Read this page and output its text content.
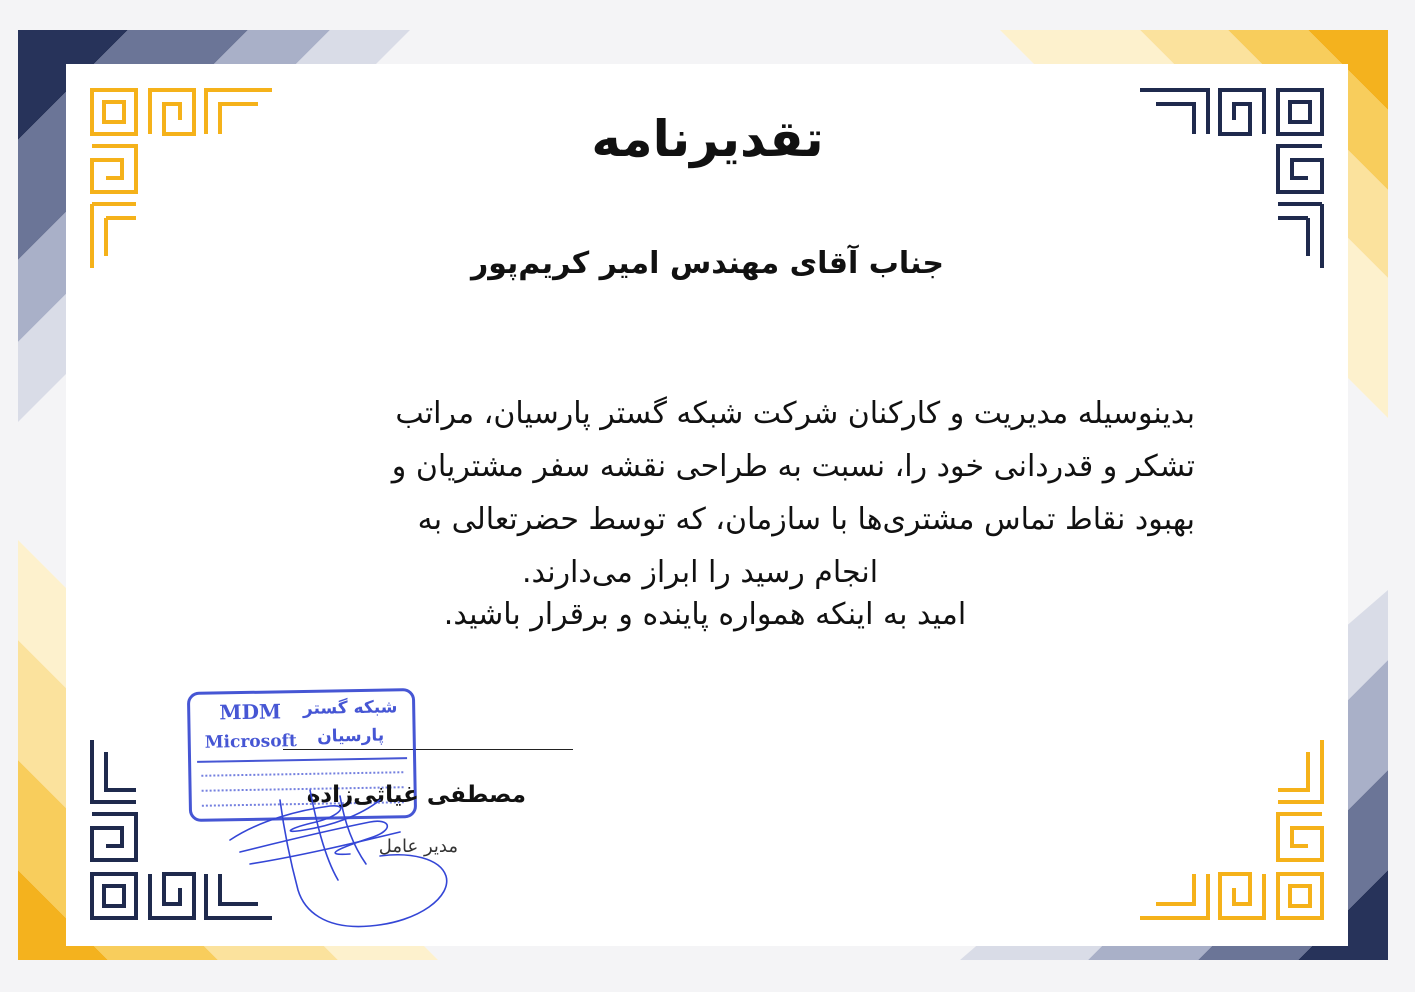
تقدیرنامه
جناب آقای مهندس امیر کریم‌پور
بدینوسیله مدیریت و کارکنان شرکت شبکه گستر پارسیان، مراتب
تشکر و قدردانی خود را، نسبت به طراحی نقشه سفر مشتریان و
بهبود نقاط تماس مشتری‌ها با سازمان، که توسط حضرتعالی به
انجام رسید را ابراز می‌دارند.
امید به اینکه همواره پاینده و برقرار باشید.
MDM
Microsoft
شبکه گستر
پارسیان
مصطفی غیاثی‌زاده
مدیر عامل
